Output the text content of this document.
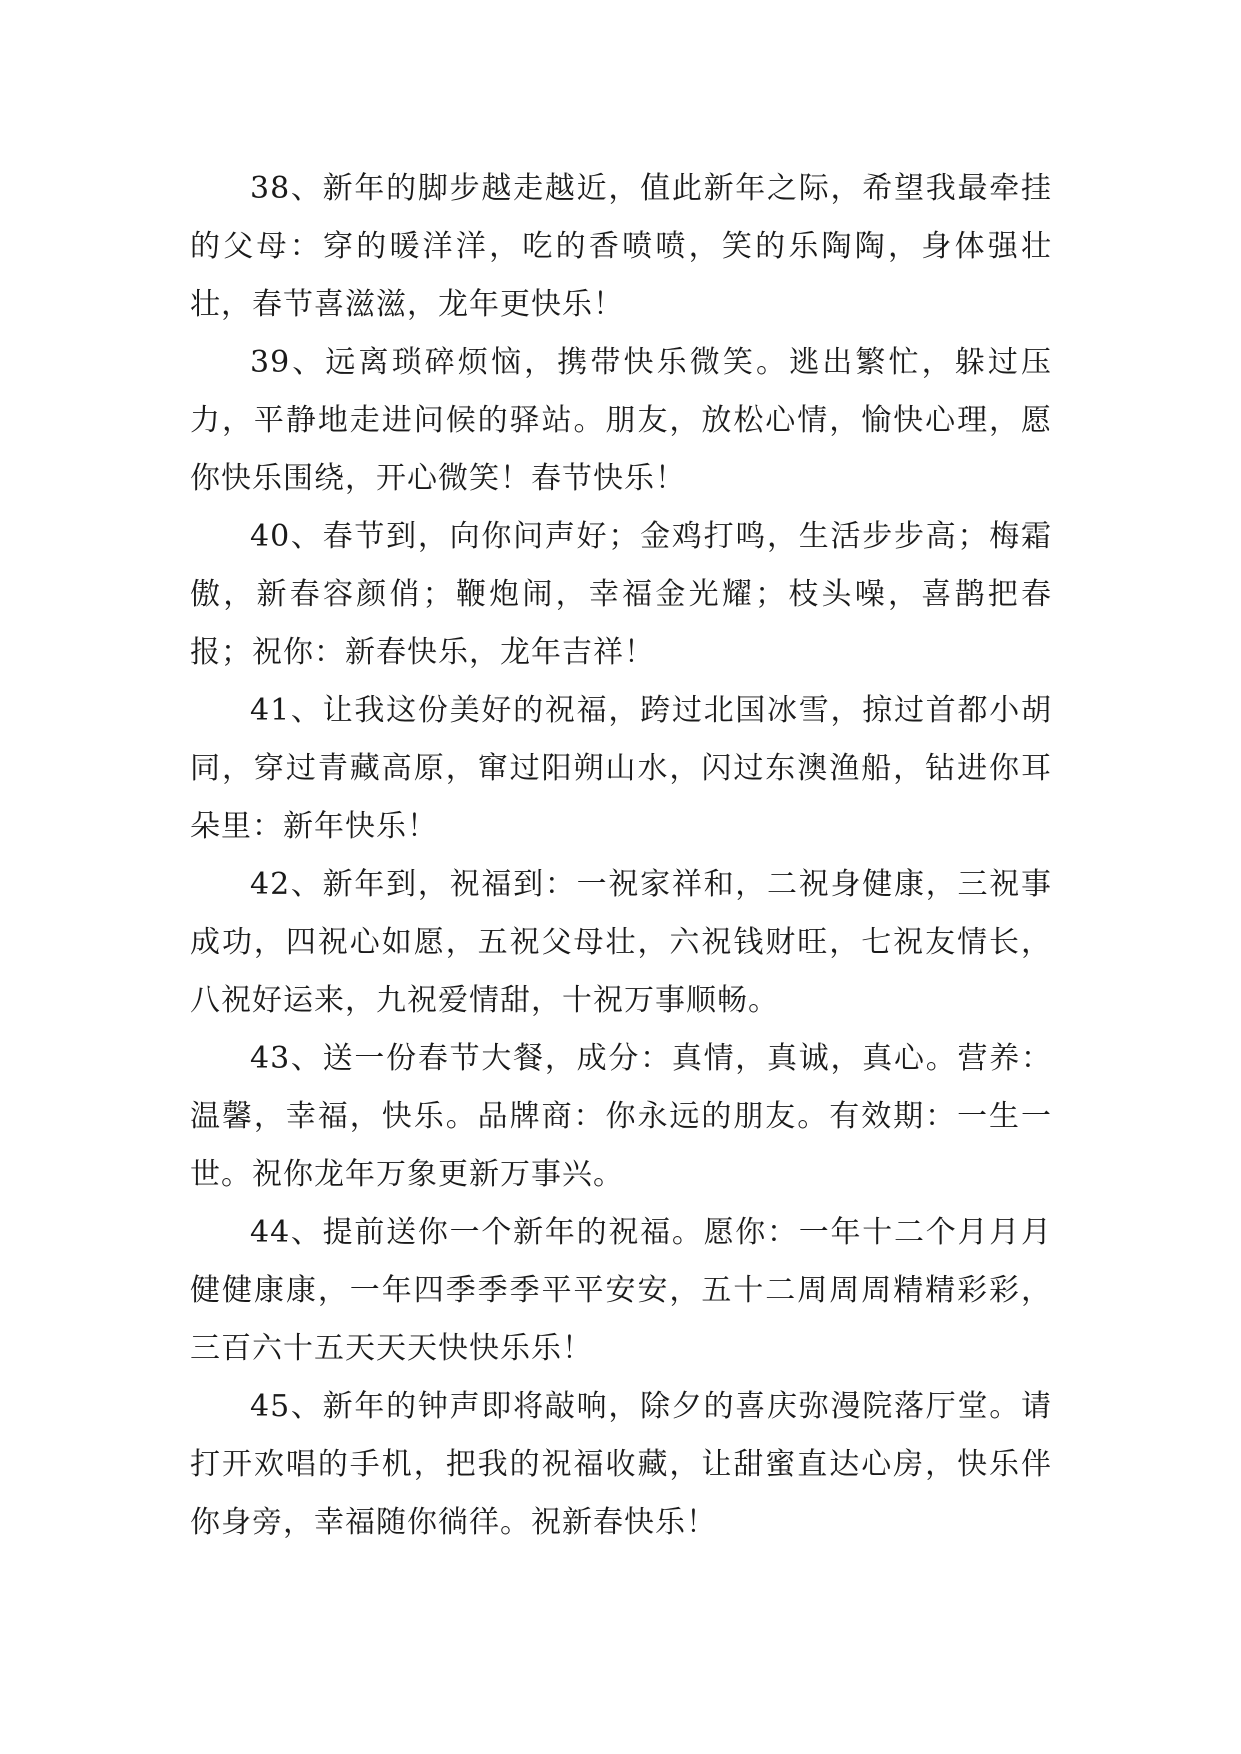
38、新年的脚步越走越近，值此新年之际，希望我最牵挂的父母：穿的暖洋洋，吃的香喷喷，笑的乐陶陶，身体强壮壮，春节喜滋滋，龙年更快乐！

39、远离琐碎烦恼，携带快乐微笑。逃出繁忙，躲过压力，平静地走进问候的驿站。朋友，放松心情，愉快心理，愿你快乐围绕，开心微笑！春节快乐！

40、春节到，向你问声好；金鸡打鸣，生活步步高；梅霜傲，新春容颜俏；鞭炮闹，幸福金光耀；枝头噪，喜鹊把春报；祝你：新春快乐，龙年吉祥！

41、让我这份美好的祝福，跨过北国冰雪，掠过首都小胡同，穿过青藏高原，窜过阳朔山水，闪过东澳渔船，钻进你耳朵里：新年快乐！

42、新年到，祝福到：一祝家祥和，二祝身健康，三祝事成功，四祝心如愿，五祝父母壮，六祝钱财旺，七祝友情长，八祝好运来，九祝爱情甜，十祝万事顺畅。

43、送一份春节大餐，成分：真情，真诚，真心。营养：温馨，幸福，快乐。品牌商：你永远的朋友。有效期：一生一世。祝你龙年万象更新万事兴。

44、提前送你一个新年的祝福。愿你：一年十二个月月月健健康康，一年四季季季平平安安，五十二周周周精精彩彩，三百六十五天天天快快乐乐！

45、新年的钟声即将敲响，除夕的喜庆弥漫院落厅堂。请打开欢唱的手机，把我的祝福收藏，让甜蜜直达心房，快乐伴你身旁，幸福随你徜徉。祝新春快乐！
